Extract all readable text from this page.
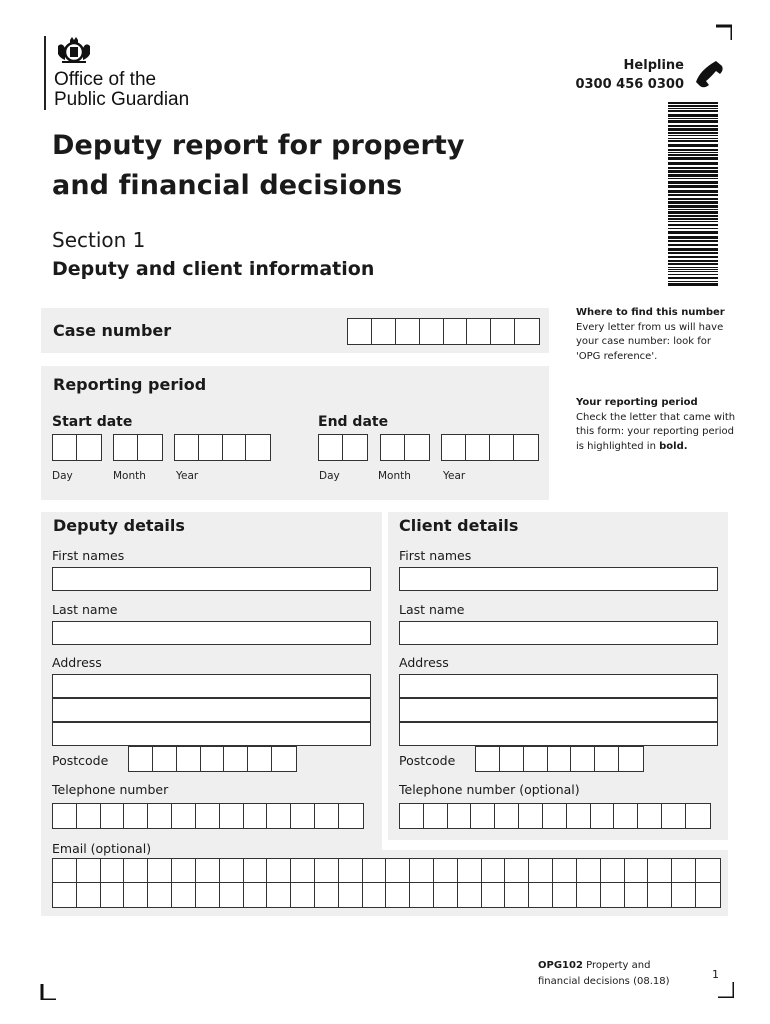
Office of the
Public Guardian
Helpline
0300 456 0300
Deputy report for property
and financial decisions
Section 1
Deputy and client information
Case number
Where to find this number
Every letter from us will have your case number: look for 'OPG reference'.
Your reporting period
Check the letter that came with this form: your reporting period is highlighted in bold.
Reporting period
Start date	End date
Day	Month	Year	Day	Month	Year
Deputy details
First names
Last name
Address
Postcode
Telephone number
Email (optional)
Client details
First names
Last name
Address
Postcode
Telephone number (optional)
OPG102 Property and
financial decisions (08.18)
1
